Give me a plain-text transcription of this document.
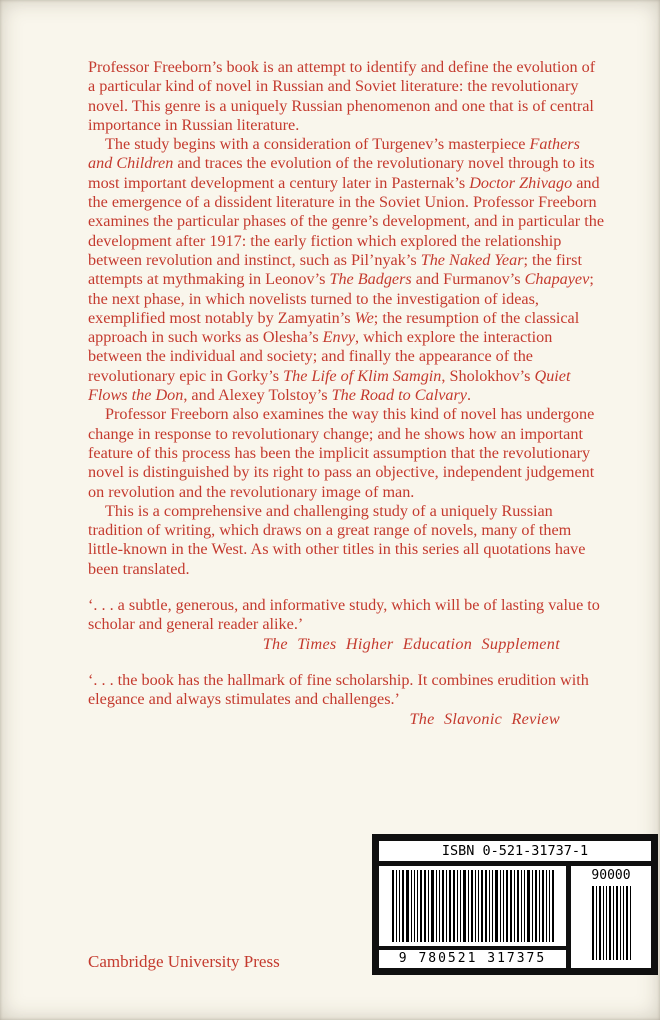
Professor Freeborn’s book is an attempt to identify and define the evolution of a particular kind of novel in Russian and Soviet literature: the revolutionary novel. This genre is a uniquely Russian phenomenon and one that is of central importance in Russian literature.

The study begins with a consideration of Turgenev’s masterpiece Fathers and Children and traces the evolution of the revolutionary novel through to its most important development a century later in Pasternak’s Doctor Zhivago and the emergence of a dissident literature in the Soviet Union. Professor Freeborn examines the particular phases of the genre’s development, and in particular the development after 1917: the early fiction which explored the relationship between revolution and instinct, such as Pil’nyak’s The Naked Year; the first attempts at mythmaking in Leonov’s The Badgers and Furmanov’s Chapayev; the next phase, in which novelists turned to the investigation of ideas, exemplified most notably by Zamyatin’s We; the resumption of the classical approach in such works as Olesha’s Envy, which explore the interaction between the individual and society; and finally the appearance of the revolutionary epic in Gorky’s The Life of Klim Samgin, Sholokhov’s Quiet Flows the Don, and Alexey Tolstoy’s The Road to Calvary.

Professor Freeborn also examines the way this kind of novel has undergone change in response to revolutionary change; and he shows how an important feature of this process has been the implicit assumption that the revolutionary novel is distinguished by its right to pass an objective, independent judgement on revolution and the revolutionary image of man.

This is a comprehensive and challenging study of a uniquely Russian tradition of writing, which draws on a great range of novels, many of them little-known in the West. As with other titles in this series all quotations have been translated.

‘. . . a subtle, generous, and informative study, which will be of lasting value to scholar and general reader alike.’

The Times Higher Education Supplement

‘. . . the book has the hallmark of fine scholarship. It combines erudition with elegance and always stimulates and challenges.’

The Slavonic Review

Cambridge University Press
ISBN 0-521-31737-1
9 780521 317375
90000
